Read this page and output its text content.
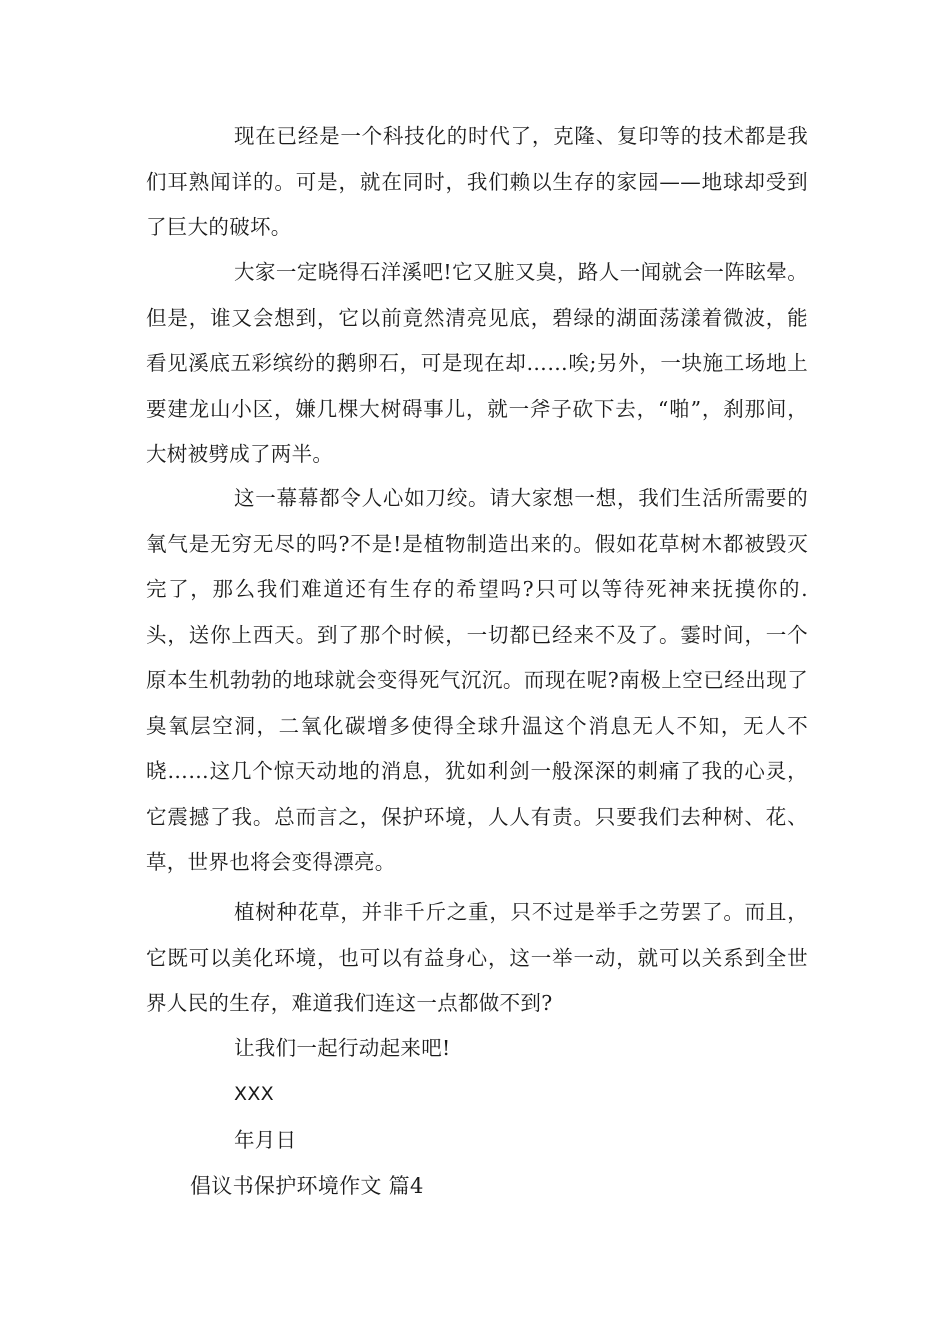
现在已经是一个科技化的时代了，克隆、复印等的技术都是我们耳熟闻详的。可是，就在同时，我们赖以生存的家园——地球却受到了巨大的破坏。

大家一定晓得石洋溪吧!它又脏又臭，路人一闻就会一阵眩晕。但是，谁又会想到，它以前竟然清亮见底，碧绿的湖面荡漾着微波，能看见溪底五彩缤纷的鹅卵石，可是现在却……唉;另外，一块施工场地上要建龙山小区，嫌几棵大树碍事儿，就一斧子砍下去，“啪”，刹那间，大树被劈成了两半。

这一幕幕都令人心如刀绞。请大家想一想，我们生活所需要的氧气是无穷无尽的吗?不是!是植物制造出来的。假如花草树木都被毁灭完了，那么我们难道还有生存的希望吗?只可以等待死神来抚摸你的.头，送你上西天。到了那个时候，一切都已经来不及了。霎时间，一个原本生机勃勃的地球就会变得死气沉沉。而现在呢?南极上空已经出现了臭氧层空洞，二氧化碳增多使得全球升温这个消息无人不知，无人不晓……这几个惊天动地的消息，犹如利剑一般深深的刺痛了我的心灵，它震撼了我。总而言之，保护环境，人人有责。只要我们去种树、花、草，世界也将会变得漂亮。

植树种花草，并非千斤之重，只不过是举手之劳罢了。而且，它既可以美化环境，也可以有益身心，这一举一动，就可以关系到全世界人民的生存，难道我们连这一点都做不到?

让我们一起行动起来吧!

XXX

年月日

倡议书保护环境作文 篇4
